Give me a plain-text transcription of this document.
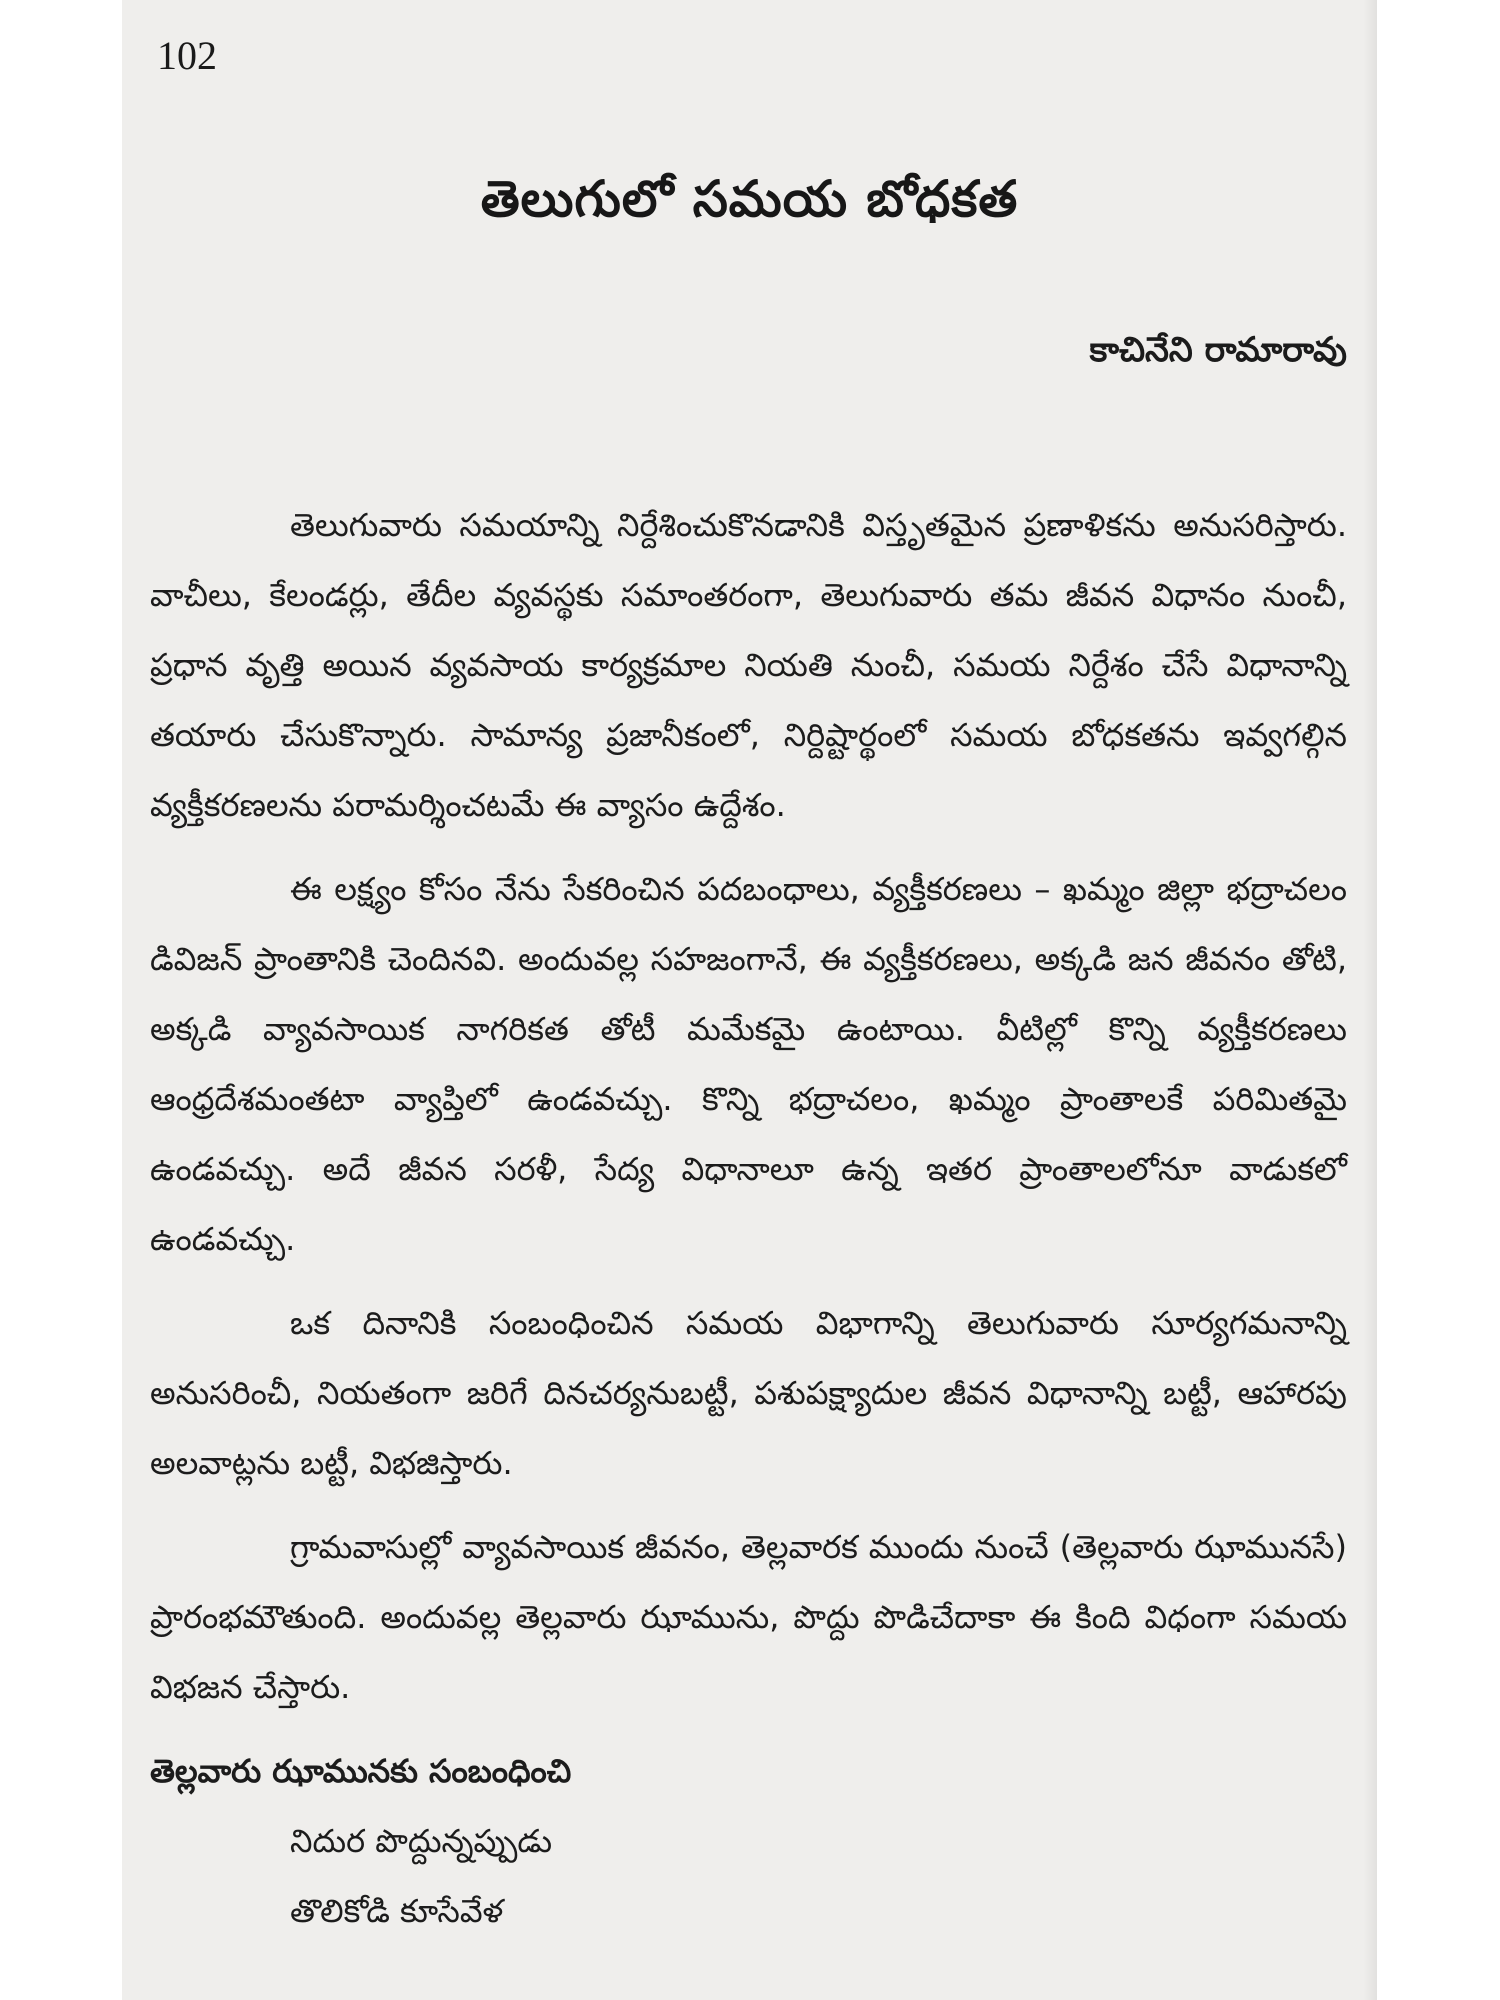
102
తెలుగులో సమయ బోధకత
కాచినేని రామారావు

తెలుగువారు సమయాన్ని నిర్దేశించుకొనడానికి విస్తృతమైన ప్రణాళికను అనుసరిస్తారు. వాచీలు, కేలండర్లు, తేదీల వ్యవస్థకు సమాంతరంగా, తెలుగువారు తమ జీవన విధానం నుంచీ, ప్రధాన వృత్తి అయిన వ్యవసాయ కార్యక్రమాల నియతి నుంచీ, సమయ నిర్దేశం చేసే విధానాన్ని తయారు చేసుకొన్నారు. సామాన్య ప్రజానీకంలో, నిర్దిష్టార్థంలో సమయ బోధకతను ఇవ్వగల్గిన వ్యక్తీకరణలను పరామర్శించటమే ఈ వ్యాసం ఉద్దేశం.

ఈ లక్ష్యం కోసం నేను సేకరించిన పదబంధాలు, వ్యక్తీకరణలు – ఖమ్మం జిల్లా భద్రాచలం డివిజన్ ప్రాంతానికి చెందినవి. అందువల్ల సహజంగానే, ఈ వ్యక్తీకరణలు, అక్కడి జన జీవనం తోటి, అక్కడి వ్యావసాయిక నాగరికత తోటీ మమేకమై ఉంటాయి. వీటిల్లో కొన్ని వ్యక్తీకరణలు ఆంధ్రదేశమంతటా వ్యాప్తిలో ఉండవచ్చు. కొన్ని భద్రాచలం, ఖమ్మం ప్రాంతాలకే పరిమితమై ఉండవచ్చు. అదే జీవన సరళీ, సేద్య విధానాలూ ఉన్న ఇతర ప్రాంతాలలోనూ వాడుకలో ఉండవచ్చు.

ఒక దినానికి సంబంధించిన సమయ విభాగాన్ని తెలుగువారు సూర్యగమనాన్ని అనుసరించీ, నియతంగా జరిగే దినచర్యనుబట్టీ, పశుపక్ష్యాదుల జీవన విధానాన్ని బట్టీ, ఆహారపు అలవాట్లను బట్టీ, విభజిస్తారు.

గ్రామవాసుల్లో వ్యావసాయిక జీవనం, తెల్లవారక ముందు నుంచే (తెల్లవారు ఝామునసే) ప్రారంభమౌతుంది. అందువల్ల తెల్లవారు ఝామును, పొద్దు పొడిచేదాకా ఈ కింది విధంగా సమయ విభజన చేస్తారు.

తెల్లవారు ఝామునకు సంబంధించి

నిదుర పొద్దున్నప్పుడు

తొలికోడి కూసేవేళ
